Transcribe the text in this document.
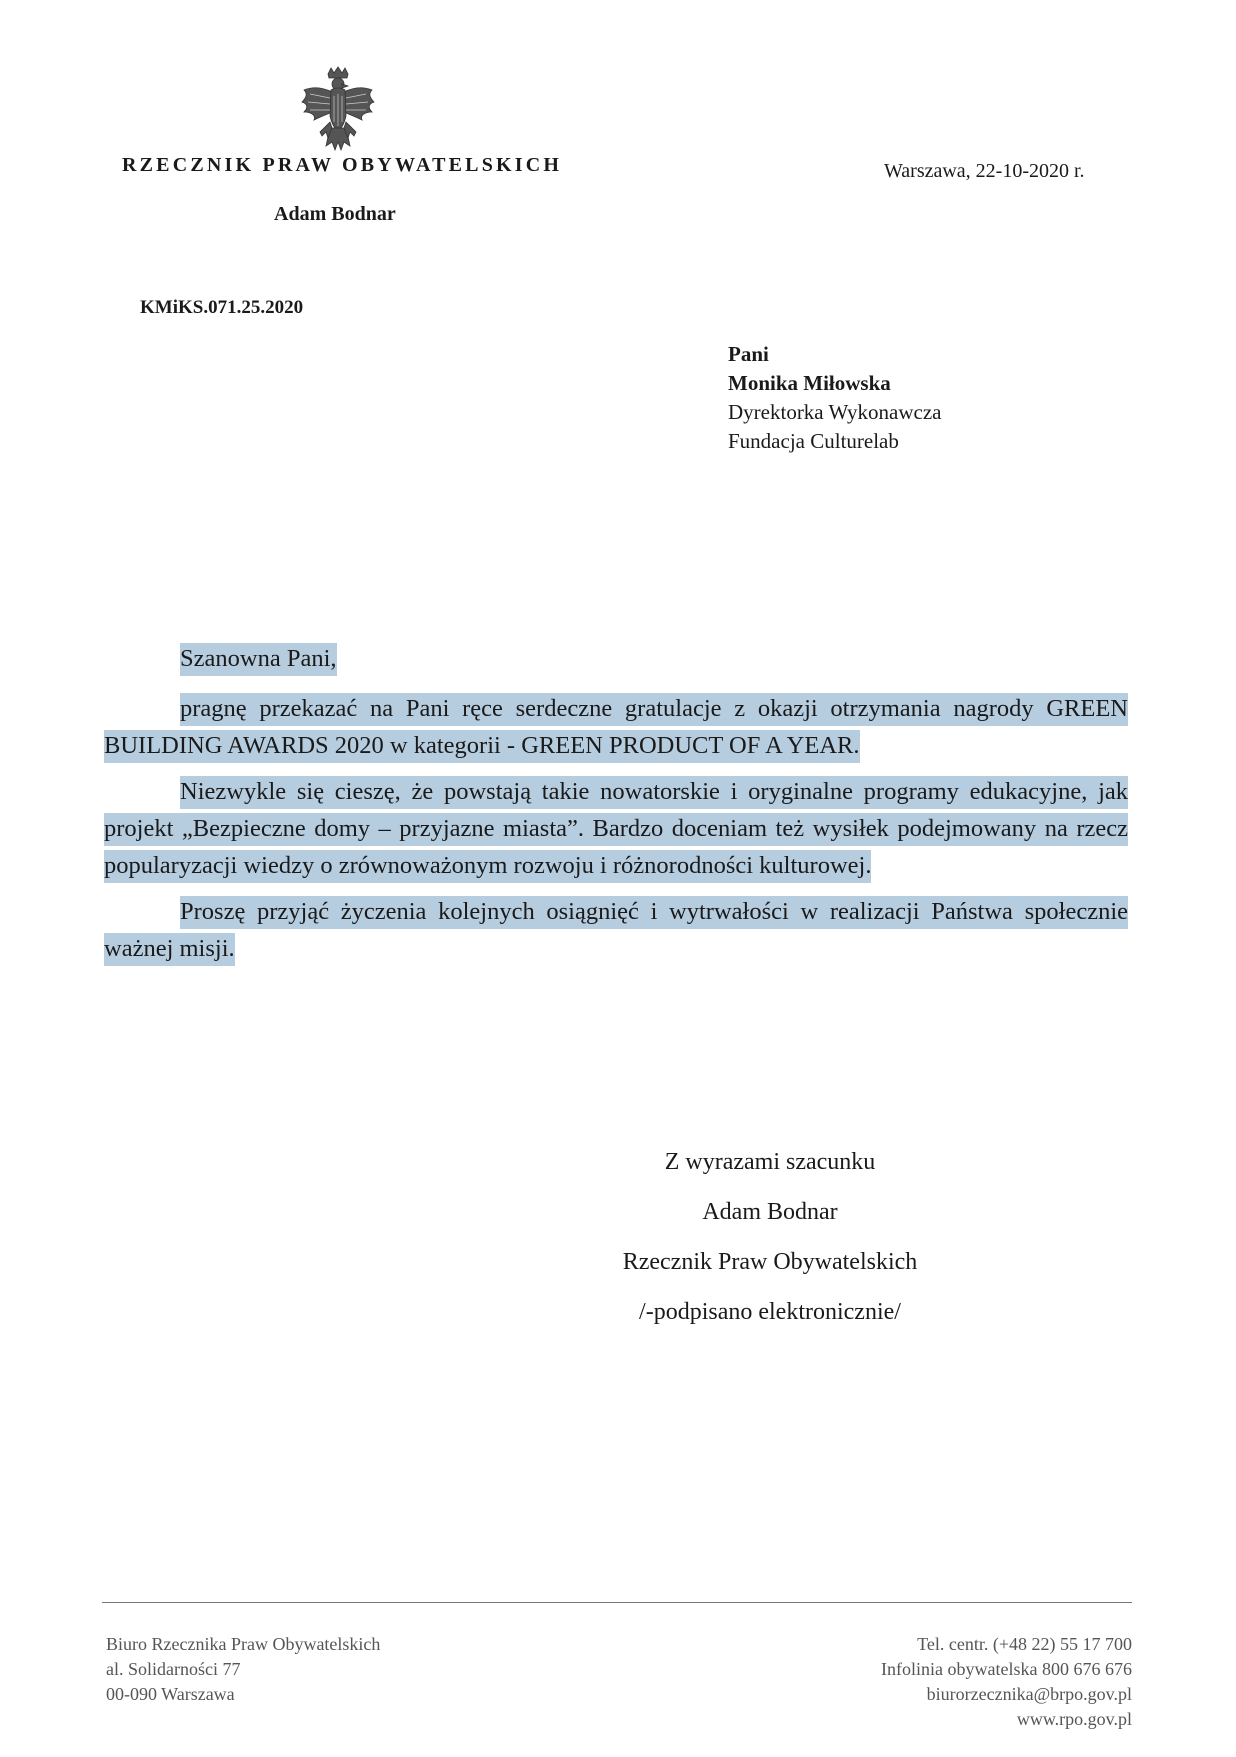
RZECZNIK PRAW OBYWATELSKICH
Adam Bodnar
Warszawa, 22-10-2020 r.
KMiKS.071.25.2020
Pani
Monika Miłowska
Dyrektorka Wykonawcza
Fundacja Culturelab

Szanowna Pani,

pragnę przekazać na Pani ręce serdeczne gratulacje z okazji otrzymania nagrody GREEN BUILDING AWARDS 2020 w kategorii - GREEN PRODUCT OF A YEAR.

Niezwykle się cieszę, że powstają takie nowatorskie i oryginalne programy edukacyjne, jak projekt „Bezpieczne domy – przyjazne miasta”. Bardzo doceniam też wysiłek podejmowany na rzecz popularyzacji wiedzy o zrównoważonym rozwoju i różnorodności kulturowej.

Proszę przyjąć życzenia kolejnych osiągnięć i wytrwałości w realizacji Państwa społecznie ważnej misji.

Z wyrazami szacunku
Adam Bodnar
Rzecznik Praw Obywatelskich
/-podpisano elektronicznie/
Biuro Rzecznika Praw Obywatelskich
al. Solidarności 77
00-090 Warszawa
Tel. centr. (+48 22) 55 17 700
Infolinia obywatelska 800 676 676
biurorzecznika@brpo.gov.pl
www.rpo.gov.pl
